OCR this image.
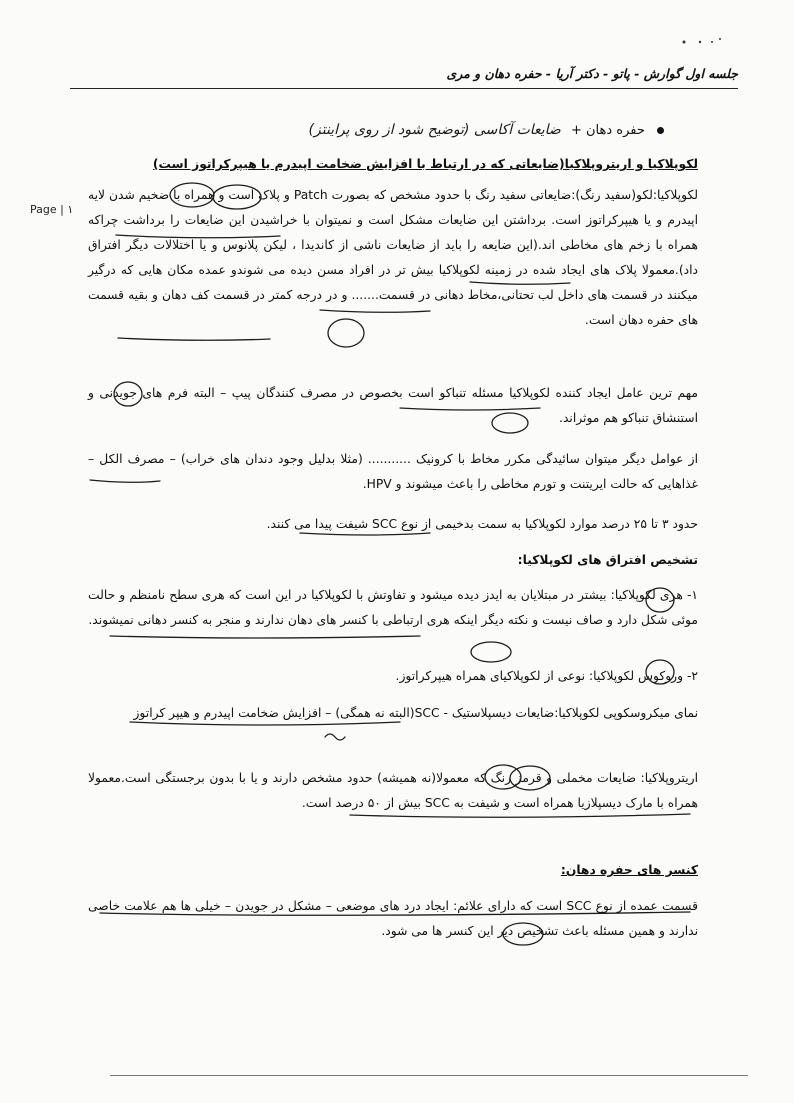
جلسه اول گوارش - پاتو - دکتر آریا - حفره دهان و مری
Page | ۱
حفره دهان + ضایعات آکاسی (توضیح شود از روی پراینتز)
لکوپلاکیا و اریتروپلاکیا(ضایعاتی که در ارتباط با افزایش ضخامت اپیدرم یا هیپرکراتوز است)
لکوپلاکیا:لکو(سفید رنگ):ضایعاتی سفید رنگ با حدود مشخص که بصورت Patch و پلاک است و همراه با ضخیم شدن لایه اپیدرم و یا هیپرکراتوز است. برداشتن این ضایعات مشکل است و نمیتوان با خراشیدن این ضایعات را برداشت چراکه همراه با زخم های مخاطی اند.(این ضایعه را باید از ضایعات ناشی از کاندیدا ، لیکن پلانوس و یا اختلالات دیگر افتراق داد).معمولا پلاک های ایجاد شده در زمینه لکوپلاکیا بیش تر در افراد مسن دیده می شوندو عمده مکان هایی که درگیر میکنند در قسمت های داخل لب تحتانی،مخاط دهانی در قسمت....... و در درجه کمتر در قسمت کف دهان و بقیه قسمت های حفره دهان است.
مهم ترین عامل ایجاد کننده لکوپلاکیا مسئله تنباکو است بخصوص در مصرف کنندگان پیپ – البته فرم های جویدنی و استنشاق تنباکو هم موثراند.
از عوامل دیگر میتوان سائیدگی مکرر مخاط با کرونیک ........... (مثلا بدلیل وجود دندان های خراب) – مصرف الکل – غذاهایی که حالت ایریتنت و تورم مخاطی را باعث میشوند و HPV.
حدود ۳ تا ۲۵ درصد موارد لکوپلاکیا به سمت بدخیمی از نوع SCC شیفت پیدا می کنند.
تشخیص افتراق های لکوپلاکیا:
۱- هری لکوپلاکیا: بیشتر در مبتلایان به ایدز دیده میشود و تفاوتش با لکوپلاکیا در این است که هری سطح نامنظم و حالت موئی شکل دارد و صاف نیست و نکته دیگر اینکه هری ارتباطی با کنسر های دهان ندارند و منجر به کنسر دهانی نمیشوند.
۲- وروکوس لکوپلاکیا: نوعی از لکوپلاکیای همراه هیپرکراتوز.
نمای میکروسکوپی لکوپلاکیا:ضایعات دیسپلاستیک - SCC(البته نه همگی) – افزایش ضخامت اپیدرم و هیپر کراتوز
اریتروپلاکیا: ضایعات مخملی و قرمز رنگ که معمولا(نه همیشه) حدود مشخص دارند و یا با بدون برجستگی است.معمولا همراه با مارک دیسپلازیا همراه است و شیفت به SCC بیش از ۵۰ درصد است.
کنسر های حفره دهان:
قسمت عمده از نوع SCC است که دارای علائم: ایجاد درد های موضعی – مشکل در جویدن – خیلی ها هم علامت خاصی ندارند و همین مسئله باعث تشخیص دیر این کنسر ها می شود.
